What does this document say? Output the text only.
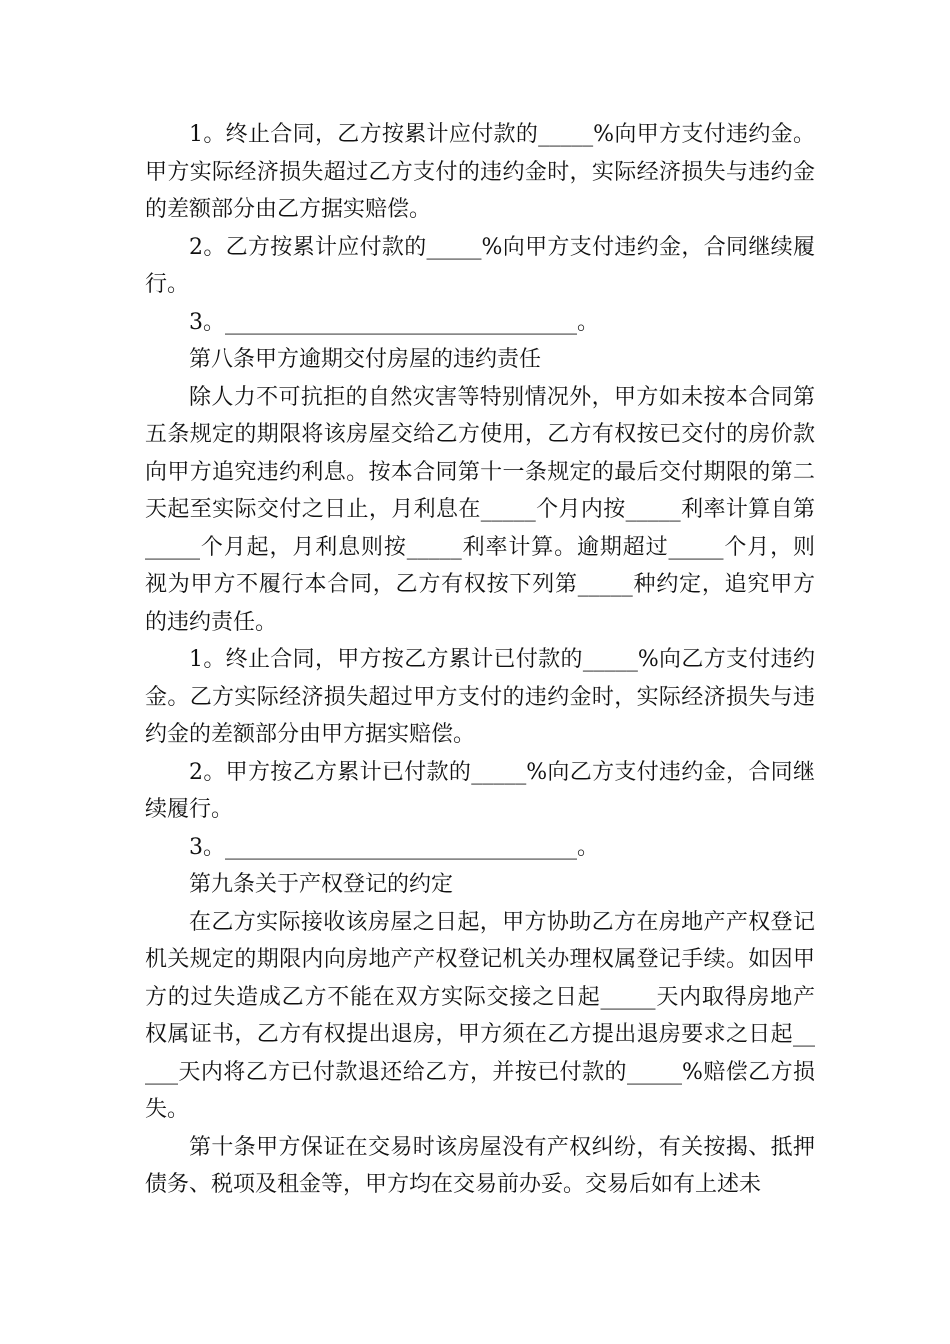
1。终止合同，乙方按累计应付款的_____%向甲方支付违约金。甲方实际经济损失超过乙方支付的违约金时，实际经济损失与违约金的差额部分由乙方据实赔偿。

2。乙方按累计应付款的_____%向甲方支付违约金，合同继续履行。

3。________________________________。

第八条甲方逾期交付房屋的违约责任

除人力不可抗拒的自然灾害等特别情况外，甲方如未按本合同第五条规定的期限将该房屋交给乙方使用，乙方有权按已交付的房价款向甲方追究违约利息。按本合同第十一条规定的最后交付期限的第二天起至实际交付之日止，月利息在_____个月内按_____利率计算自第_____个月起，月利息则按_____利率计算。逾期超过_____个月，则视为甲方不履行本合同，乙方有权按下列第_____种约定，追究甲方的违约责任。

1。终止合同，甲方按乙方累计已付款的_____%向乙方支付违约金。乙方实际经济损失超过甲方支付的违约金时，实际经济损失与违约金的差额部分由甲方据实赔偿。

2。甲方按乙方累计已付款的_____%向乙方支付违约金，合同继续履行。

3。________________________________。

第九条关于产权登记的约定

在乙方实际接收该房屋之日起，甲方协助乙方在房地产产权登记机关规定的期限内向房地产产权登记机关办理权属登记手续。如因甲方的过失造成乙方不能在双方实际交接之日起_____天内取得房地产权属证书，乙方有权提出退房，甲方须在乙方提出退房要求之日起_____天内将乙方已付款退还给乙方，并按已付款的_____%赔偿乙方损失。

第十条甲方保证在交易时该房屋没有产权纠纷，有关按揭、抵押债务、税项及租金等，甲方均在交易前办妥。交易后如有上述未
